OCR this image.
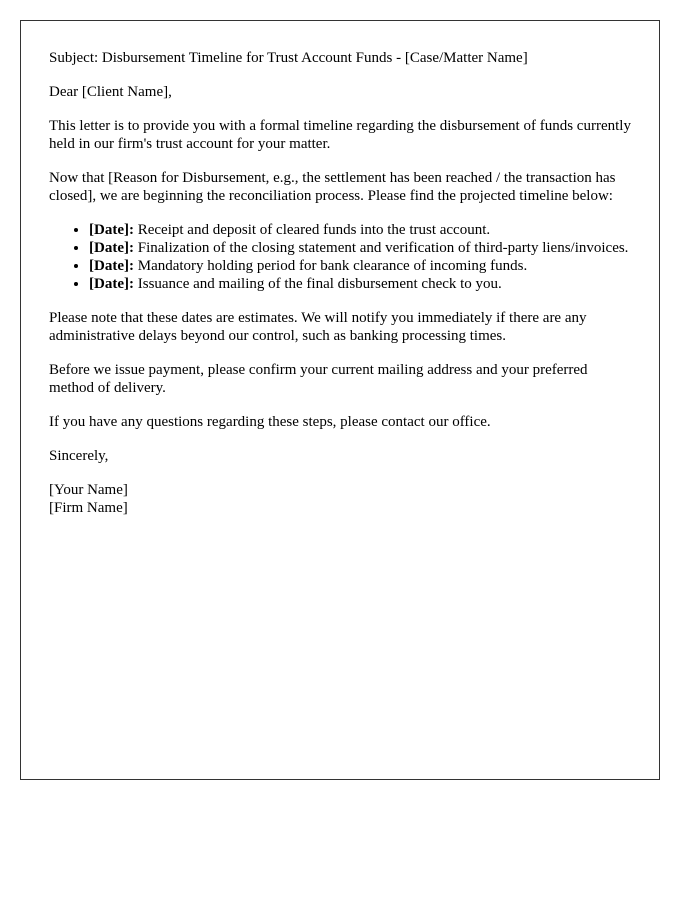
Subject: Disbursement Timeline for Trust Account Funds - [Case/Matter Name]

Dear [Client Name],

This letter is to provide you with a formal timeline regarding the disbursement of funds currently held in our firm's trust account for your matter.

Now that [Reason for Disbursement, e.g., the settlement has been reached / the transaction has closed], we are beginning the reconciliation process. Please find the projected timeline below:

• [Date]: Receipt and deposit of cleared funds into the trust account.
• [Date]: Finalization of the closing statement and verification of third-party liens/invoices.
• [Date]: Mandatory holding period for bank clearance of incoming funds.
• [Date]: Issuance and mailing of the final disbursement check to you.

Please note that these dates are estimates. We will notify you immediately if there are any administrative delays beyond our control, such as banking processing times.

Before we issue payment, please confirm your current mailing address and your preferred method of delivery.

If you have any questions regarding these steps, please contact our office.

Sincerely,

[Your Name]
[Firm Name]
